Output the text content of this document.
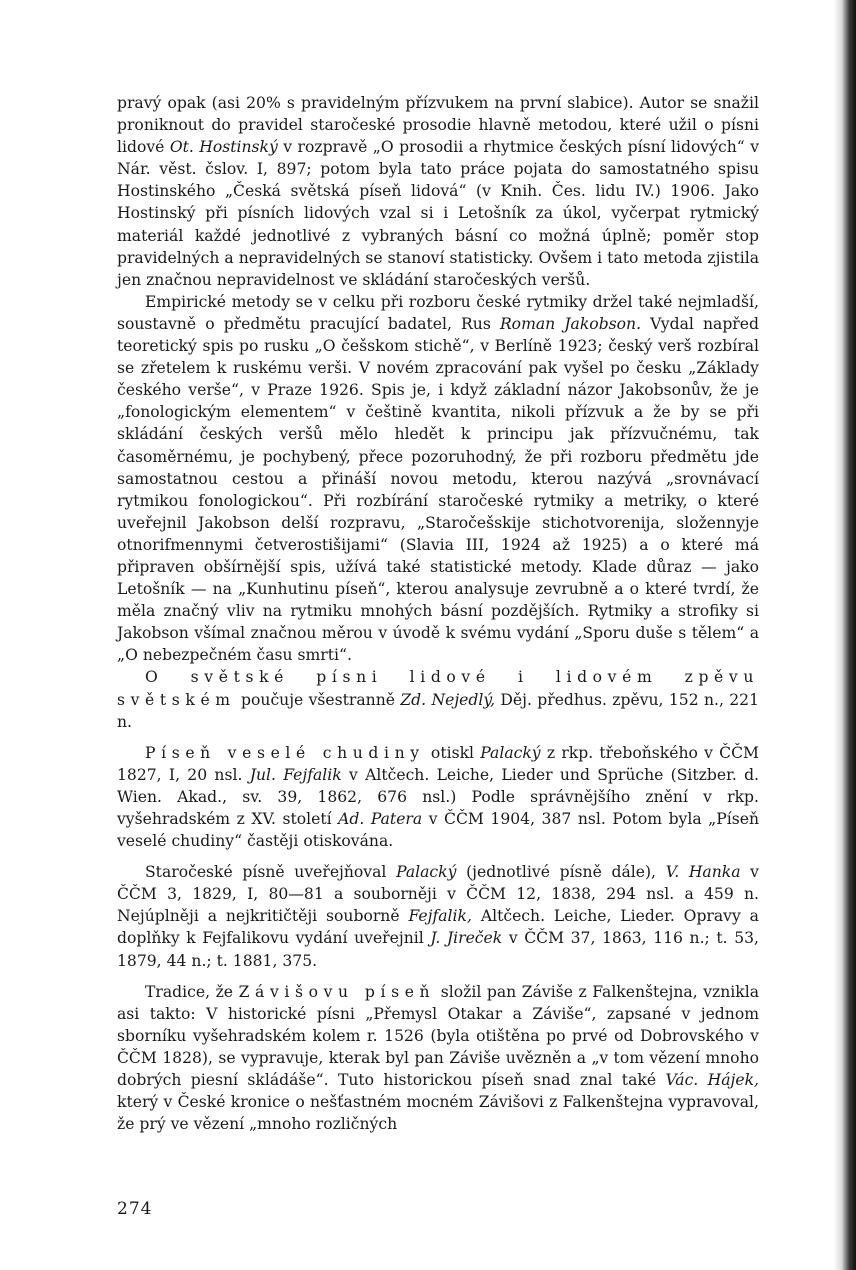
pravý opak (asi 20% s pravidelným přízvukem na první slabice). Autor se snažil proniknout do pravidel staročeské prosodie hlavně metodou, které užil o písni lidové Ot. Hostinský v rozpravě „O prosodii a rhytmice českých písní lidových“ v Nár. věst. čslov. I, 897; potom byla tato práce pojata do samostatného spisu Hostinského „Česká světská píseň lidová“ (v Knih. Čes. lidu IV.) 1906. Jako Hostinský při písních lidových vzal si i Letošník za úkol, vyčerpat rytmický materiál každé jednotlivé z vybraných básní co možná úplně; poměr stop pravidelných a nepravidelných se stanoví statisticky. Ovšem i tato metoda zjistila jen značnou nepravidelnost ve skládání staročeských veršů.

Empirické metody se v celku při rozboru české rytmiky držel také nejmladší, soustavně o předmětu pracující badatel, Rus Roman Jakobson. Vydal napřed teoretický spis po rusku „O češskom stichě“, v Berlíně 1923; český verš rozbíral se zřetelem k ruskému verši. V novém zpracování pak vyšel po česku „Základy českého verše“, v Praze 1926. Spis je, i když základní názor Jakobsonův, že je „fonologickým elementem“ v češtině kvantita, nikoli přízvuk a že by se při skládání českých veršů mělo hledět k principu jak přízvučnému, tak časoměrnému, je pochybený, přece pozoruhodný, že při rozboru předmětu jde samostatnou cestou a přináší novou metodu, kterou nazývá „srovnávací rytmikou fonologickou“. Při rozbírání staročeské rytmiky a metriky, o které uveřejnil Jakobson delší rozpravu, „Staročešskije stichotvorenija, složennyje otnorifmennymi četverostišijami“ (Slavia III, 1924 až 1925) a o které má připraven obšírnější spis, užívá také statistické metody. Klade důraz — jako Letošník — na „Kunhutinu píseň“, kterou analysuje zevrubně a o které tvrdí, že měla značný vliv na rytmiku mnohých básní pozdějších. Rytmiky a strofiky si Jakobson všímal značnou měrou v úvodě k svému vydání „Sporu duše s tělem“ a „O nebezpečném času smrti“.

O světské písni lidové i lidovém zpěvu světském poučuje všestranně Zd. Nejedlý, Děj. předhus. zpěvu, 152 n., 221 n.

Píseň veselé chudiny otiskl Palacký z rkp. třeboňského v ČČM 1827, I, 20 nsl. Jul. Fejfalik v Altčech. Leiche, Lieder und Sprüche (Sitzber. d. Wien. Akad., sv. 39, 1862, 676 nsl.) Podle správnějšího znění v rkp. vyšehradském z XV. století Ad. Patera v ČČM 1904, 387 nsl. Potom byla „Píseň veselé chudiny“ častěji otiskována.

Staročeské písně uveřejňoval Palacký (jednotlivé písně dále), V. Hanka v ČČM 3, 1829, I, 80—81 a souborněji v ČČM 12, 1838, 294 nsl. a 459 n. Nejúplněji a nejkritičtěji souborně Fejfalik, Altčech. Leiche, Lieder. Opravy a doplňky k Fejfalikovu vydání uveřejnil J. Jireček v ČČM 37, 1863, 116 n.; t. 53, 1879, 44 n.; t. 1881, 375.

Tradice, že Závišovu píseň složil pan Záviše z Falkenštejna, vznikla asi takto: V historické písni „Přemysl Otakar a Záviše“, zapsané v jednom sborníku vyšehradském kolem r. 1526 (byla otištěna po prvé od Dobrovského v ČČM 1828), se vypravuje, kterak byl pan Záviše uvězněn a „v tom vězení mnoho dobrých piesní skládáše“. Tuto historickou píseň snad znal také Vác. Hájek, který v České kronice o nešťastném mocném Závišovi z Falkenštejna vypravoval, že prý ve vězení „mnoho rozličných

274
